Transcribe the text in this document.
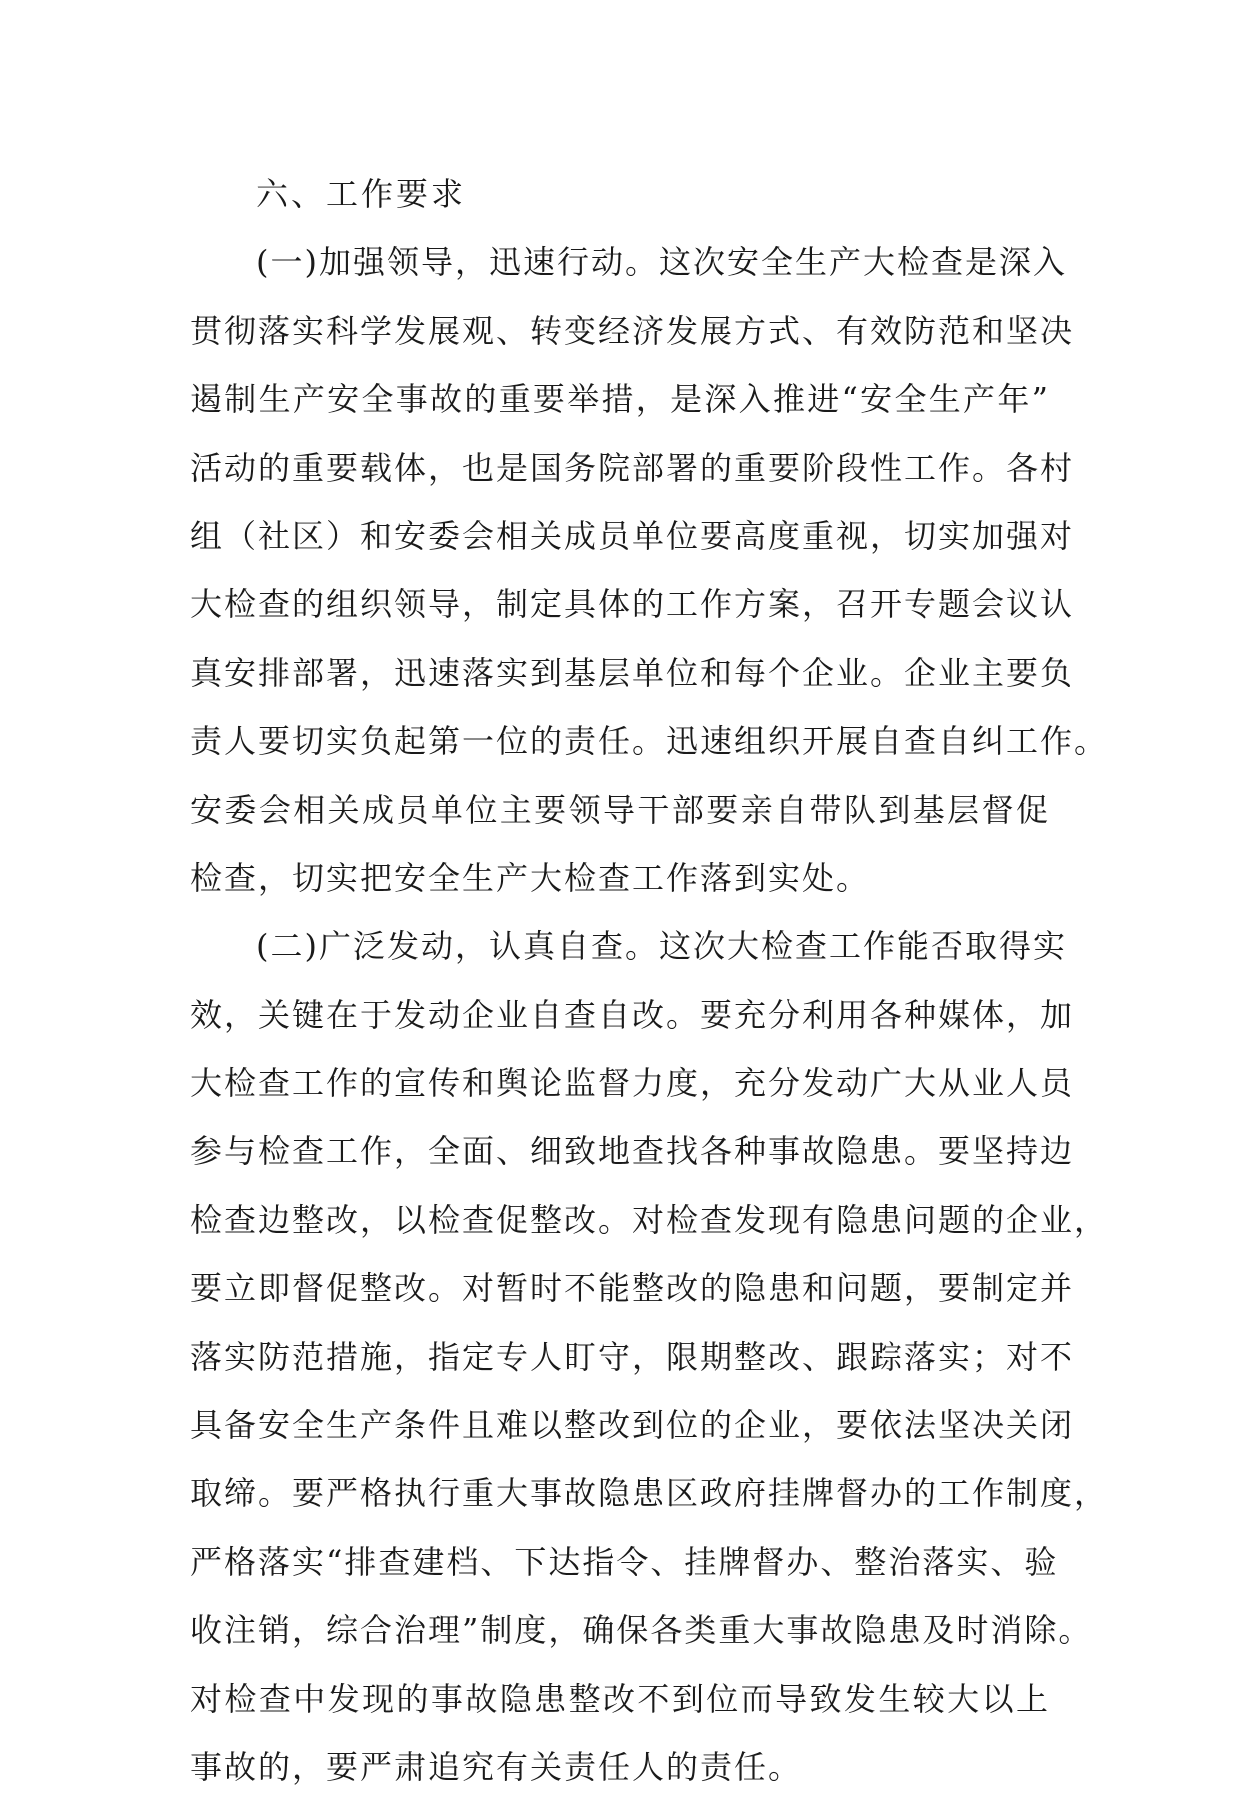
六、工作要求
(一)加强领导，迅速行动。这次安全生产大检查是深入
贯彻落实科学发展观、转变经济发展方式、有效防范和坚决
遏制生产安全事故的重要举措，是深入推进“安全生产年”
活动的重要载体，也是国务院部署的重要阶段性工作。各村
组（社区）和安委会相关成员单位要高度重视，切实加强对
大检查的组织领导，制定具体的工作方案，召开专题会议认
真安排部署，迅速落实到基层单位和每个企业。企业主要负
责人要切实负起第一位的责任。迅速组织开展自查自纠工作。
安委会相关成员单位主要领导干部要亲自带队到基层督促
检查，切实把安全生产大检查工作落到实处。
(二)广泛发动，认真自查。这次大检查工作能否取得实
效，关键在于发动企业自查自改。要充分利用各种媒体，加
大检查工作的宣传和舆论监督力度，充分发动广大从业人员
参与检查工作，全面、细致地查找各种事故隐患。要坚持边
检查边整改，以检查促整改。对检查发现有隐患问题的企业，
要立即督促整改。对暂时不能整改的隐患和问题，要制定并
落实防范措施，指定专人盯守，限期整改、跟踪落实；对不
具备安全生产条件且难以整改到位的企业，要依法坚决关闭
取缔。要严格执行重大事故隐患区政府挂牌督办的工作制度，
严格落实“排查建档、下达指令、挂牌督办、整治落实、验
收注销，综合治理”制度，确保各类重大事故隐患及时消除。
对检查中发现的事故隐患整改不到位而导致发生较大以上
事故的，要严肃追究有关责任人的责任。
